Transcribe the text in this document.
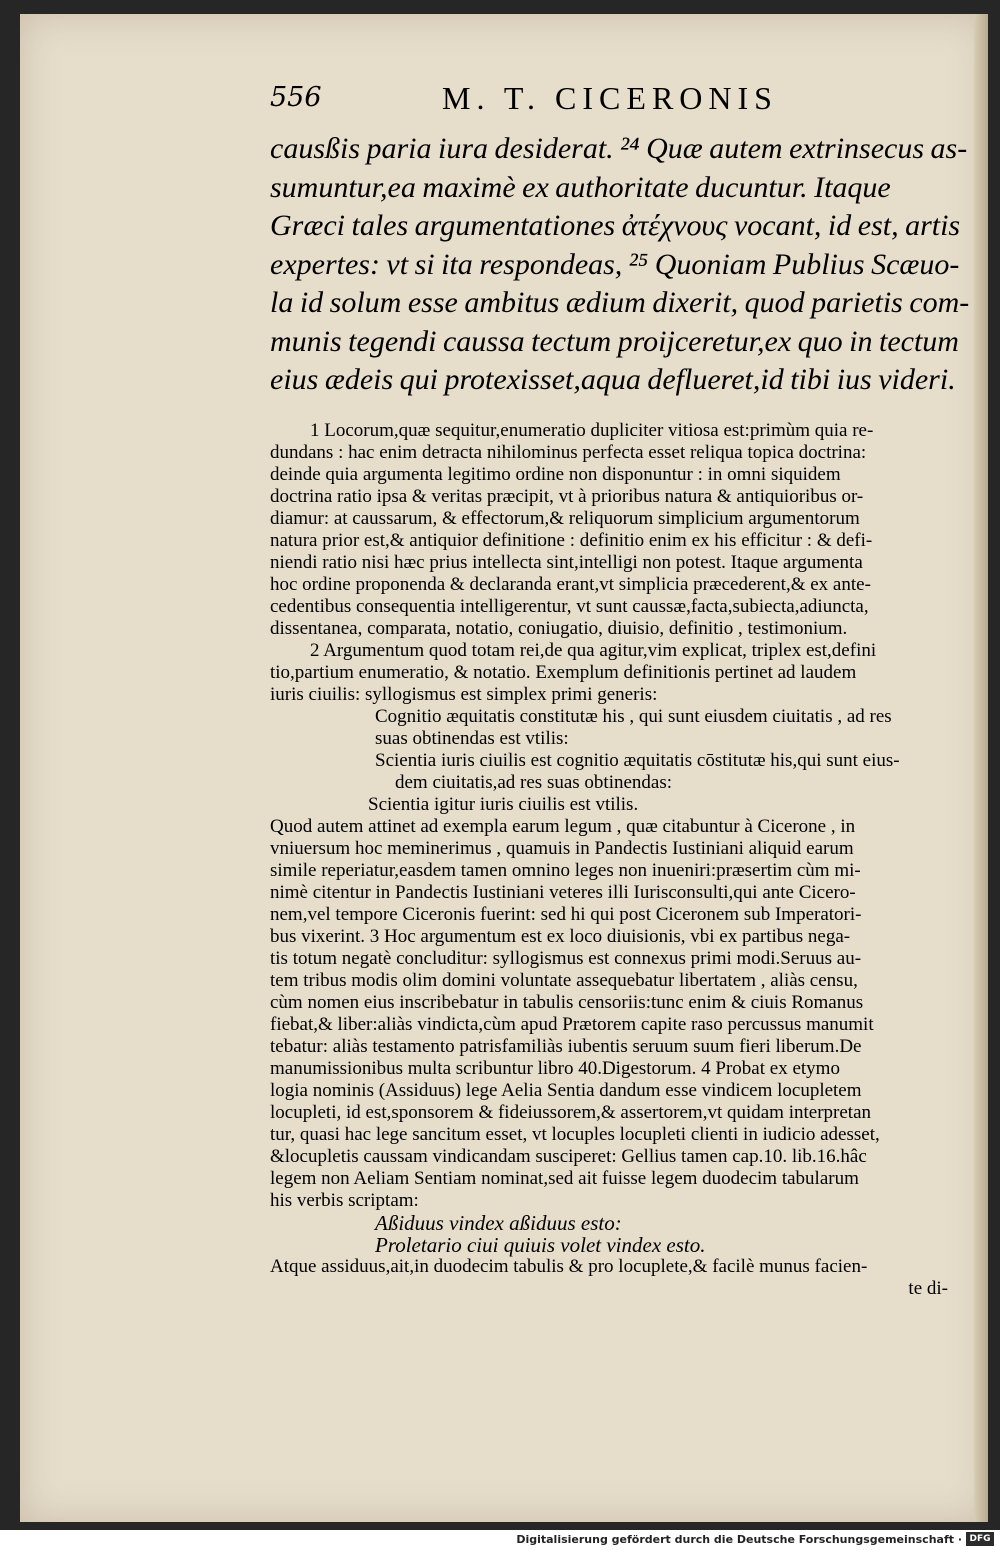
556	M. T. CICERONIS
causßis paria iura desiderat. ²⁴ Quæ autem extrinsecus as-
sumuntur,ea maximè ex authoritate ducuntur. Itaque
Græci tales argumentationes ἀτέχνους vocant, id est, artis
expertes: vt si ita respondeas, ²⁵ Quoniam Publius Scæuo-
la id solum esse ambitus ædium dixerit, quod parietis com-
munis tegendi caussa tectum proijceretur,ex quo in tectum
eius ædeis qui protexisset,aqua deflueret,id tibi ius videri.
1 Locorum,quæ sequitur,enumeratio dupliciter vitiosa est:primùm quia re-
dundans : hac enim detracta nihilominus perfecta esset reliqua topica doctrina:
deinde quia argumenta legitimo ordine non disponuntur : in omni siquidem
doctrina ratio ipsa & veritas præcipit, vt à prioribus natura & antiquioribus or-
diamur: at caussarum, & effectorum,& reliquorum simplicium argumentorum
natura prior est,& antiquior definitione : definitio enim ex his efficitur : & defi-
niendi ratio nisi hæc prius intellecta sint,intelligi non potest. Itaque argumenta
hoc ordine proponenda & declaranda erant,vt simplicia præcederent,& ex ante-
cedentibus consequentia intelligerentur, vt sunt caussæ,facta,subiecta,adiuncta,
dissentanea, comparata, notatio, coniugatio, diuisio, definitio , testimonium.
2 Argumentum quod totam rei,de qua agitur,vim explicat, triplex est,defini
tio,partium enumeratio, & notatio. Exemplum definitionis pertinet ad laudem
iuris ciuilis: syllogismus est simplex primi generis:
Cognitio æquitatis constitutæ his , qui sunt eiusdem ciuitatis , ad res
suas obtinendas est vtilis:
Scientia iuris ciuilis est cognitio æquitatis cōstitutæ his,qui sunt eius-
dem ciuitatis,ad res suas obtinendas:
Scientia igitur iuris ciuilis est vtilis.
Quod autem attinet ad exempla earum legum , quæ citabuntur à Cicerone , in
vniuersum hoc meminerimus , quamuis in Pandectis Iustiniani aliquid earum
simile reperiatur,easdem tamen omnino leges non inueniri:præsertim cùm mi-
nimè citentur in Pandectis Iustiniani veteres illi Iurisconsulti,qui ante Cicero-
nem,vel tempore Ciceronis fuerint: sed hi qui post Ciceronem sub Imperatori-
bus vixerint. 3 Hoc argumentum est ex loco diuisionis, vbi ex partibus nega-
tis totum negatè concluditur: syllogismus est connexus primi modi.Seruus au-
tem tribus modis olim domini voluntate assequebatur libertatem , aliàs censu,
cùm nomen eius inscribebatur in tabulis censoriis:tunc enim & ciuis Romanus
fiebat,& liber:aliàs vindicta,cùm apud Prætorem capite raso percussus manumit
tebatur: aliàs testamento patrisfamiliàs iubentis seruum suum fieri liberum.De
manumissionibus multa scribuntur libro 40.Digestorum. 4 Probat ex etymo
logia nominis (Assiduus) lege Aelia Sentia dandum esse vindicem locupletem
locupleti, id est,sponsorem & fideiussorem,& assertorem,vt quidam interpretan
tur, quasi hac lege sancitum esset, vt locuples locupleti clienti in iudicio adesset,
&locupletis caussam vindicandam susciperet: Gellius tamen cap.10. lib.16.hâc
legem non Aeliam Sentiam nominat,sed ait fuisse legem duodecim tabularum
his verbis scriptam:
Aßiduus vindex aßiduus esto:
Proletario ciui quiuis volet vindex esto.
Atque assiduus,ait,in duodecim tabulis & pro locuplete,& facilè munus facien-
te di-
Digitalisierung gefördert durch die Deutsche Forschungsgemeinschaft · DFG
